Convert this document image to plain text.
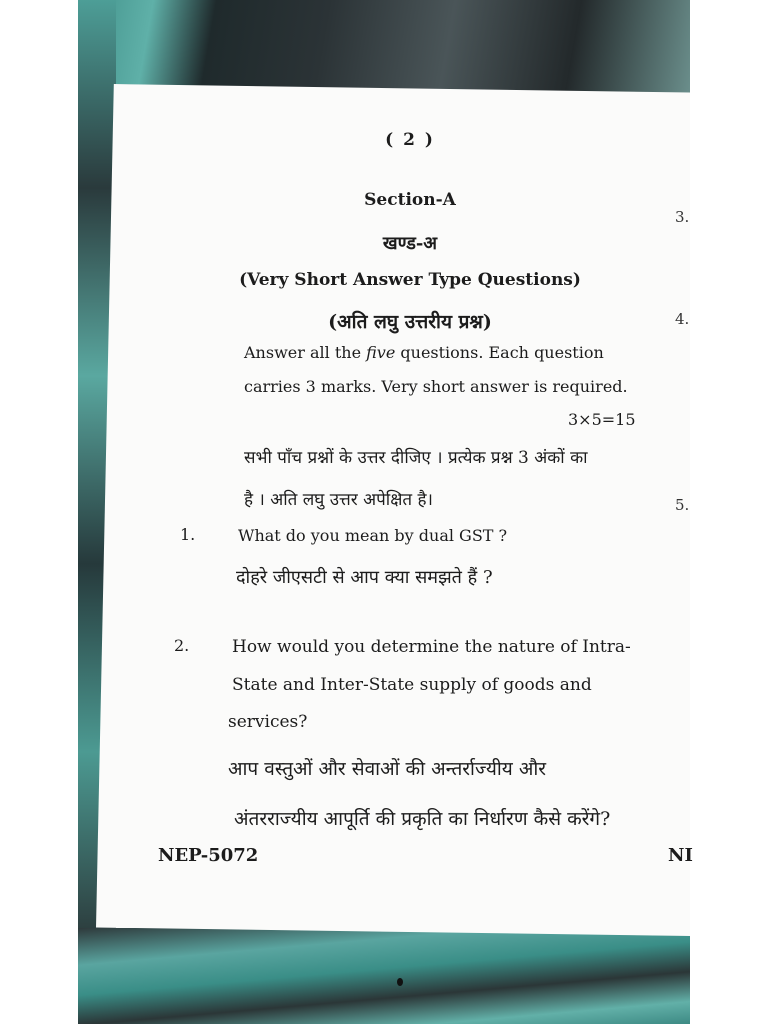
( 2 )
Section-A
खण्ड-अ
(Very Short Answer Type Questions)
(अति लघु उत्तरीय प्रश्न)
Answer all the five questions. Each question
carries 3 marks. Very short answer is required.
3×5=15
सभी पाँच प्रश्नों के उत्तर दीजिए । प्रत्येक प्रश्न 3 अंकों का
है । अति लघु उत्तर अपेक्षित है।
1.	What do you mean by dual GST ?
दोहरे जीएसटी से आप क्या समझते हैं ?
2.	How would you determine the nature of Intra-
State and Inter-State supply of goods and
services?
आप वस्तुओं और सेवाओं की अन्तर्राज्यीय और
अंतरराज्यीय आपूर्ति की प्रकृति का निर्धारण कैसे करेंगे?
NEP-5072	NI
3.
4.
5.
